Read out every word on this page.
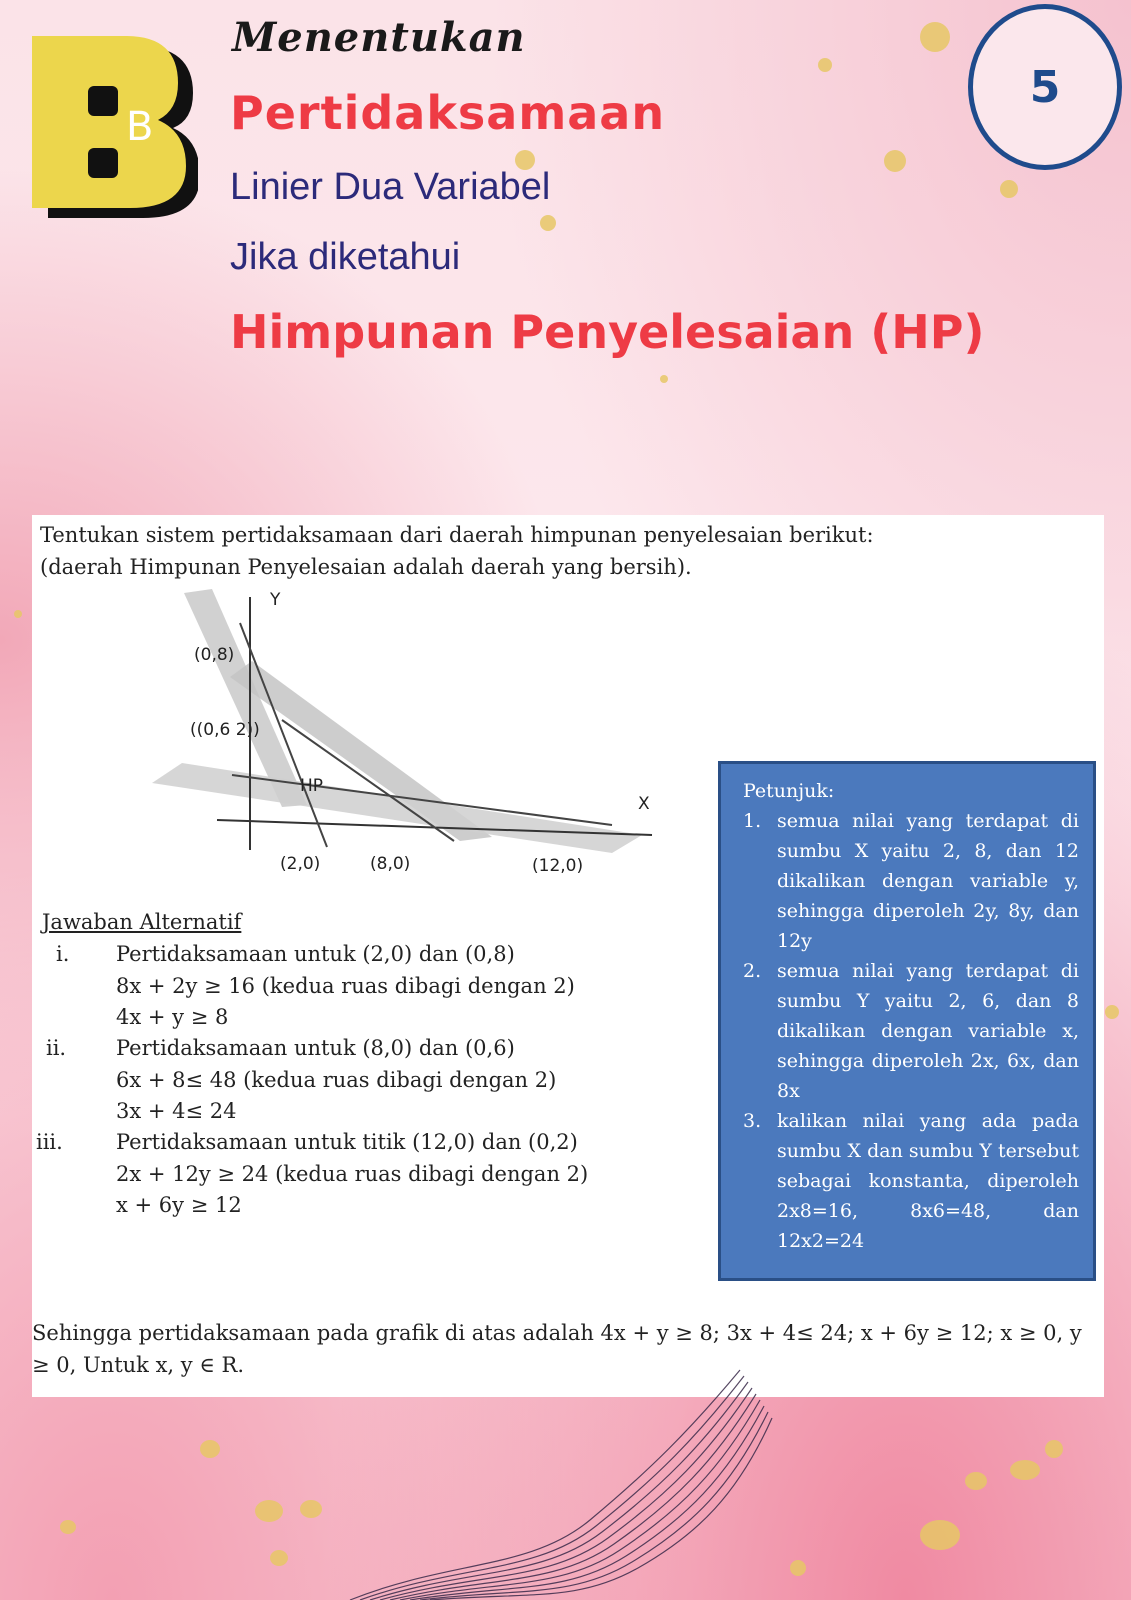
B
Menentukan
Pertidaksamaan
Linier Dua Variabel
Jika diketahui
Himpunan Penyelesaian (HP)
5
Tentukan sistem pertidaksamaan dari daerah himpunan penyelesaian berikut:
(daerah Himpunan Penyelesaian adalah daerah yang bersih).
Y
X
HP
(0,8)
((0,6 2))
(2,0)	(8,0)	(12,0)
Petunjuk:
1. semua nilai yang terdapat di sumbu X yaitu 2, 8, dan 12 dikalikan dengan variable y, sehingga diperoleh 2y, 8y, dan 12y
2. semua nilai yang terdapat di sumbu Y yaitu 2, 6, dan 8 dikalikan dengan variable x, sehingga diperoleh 2x, 6x, dan 8x
3. kalikan nilai yang ada pada sumbu X dan sumbu Y tersebut sebagai konstanta, diperoleh 2x8=16, 8x6=48, dan 12x2=24
Jawaban Alternatif
i. Pertidaksamaan untuk (2,0) dan (0,8)
8x + 2y ≥ 16 (kedua ruas dibagi dengan 2)
4x + y ≥ 8
ii. Pertidaksamaan untuk (8,0) dan (0,6)
6x + 8≤ 48 (kedua ruas dibagi dengan 2)
3x + 4≤ 24
iii.	Pertidaksamaan untuk titik (12,0) dan (0,2)
2x + 12y ≥ 24 (kedua ruas dibagi dengan 2)
x + 6y ≥ 12
Sehingga pertidaksamaan pada grafik di atas adalah 4x + y ≥ 8; 3x + 4≤ 24; x + 6y ≥ 12; x ≥ 0, y ≥ 0, Untuk x, y ∈ R.
